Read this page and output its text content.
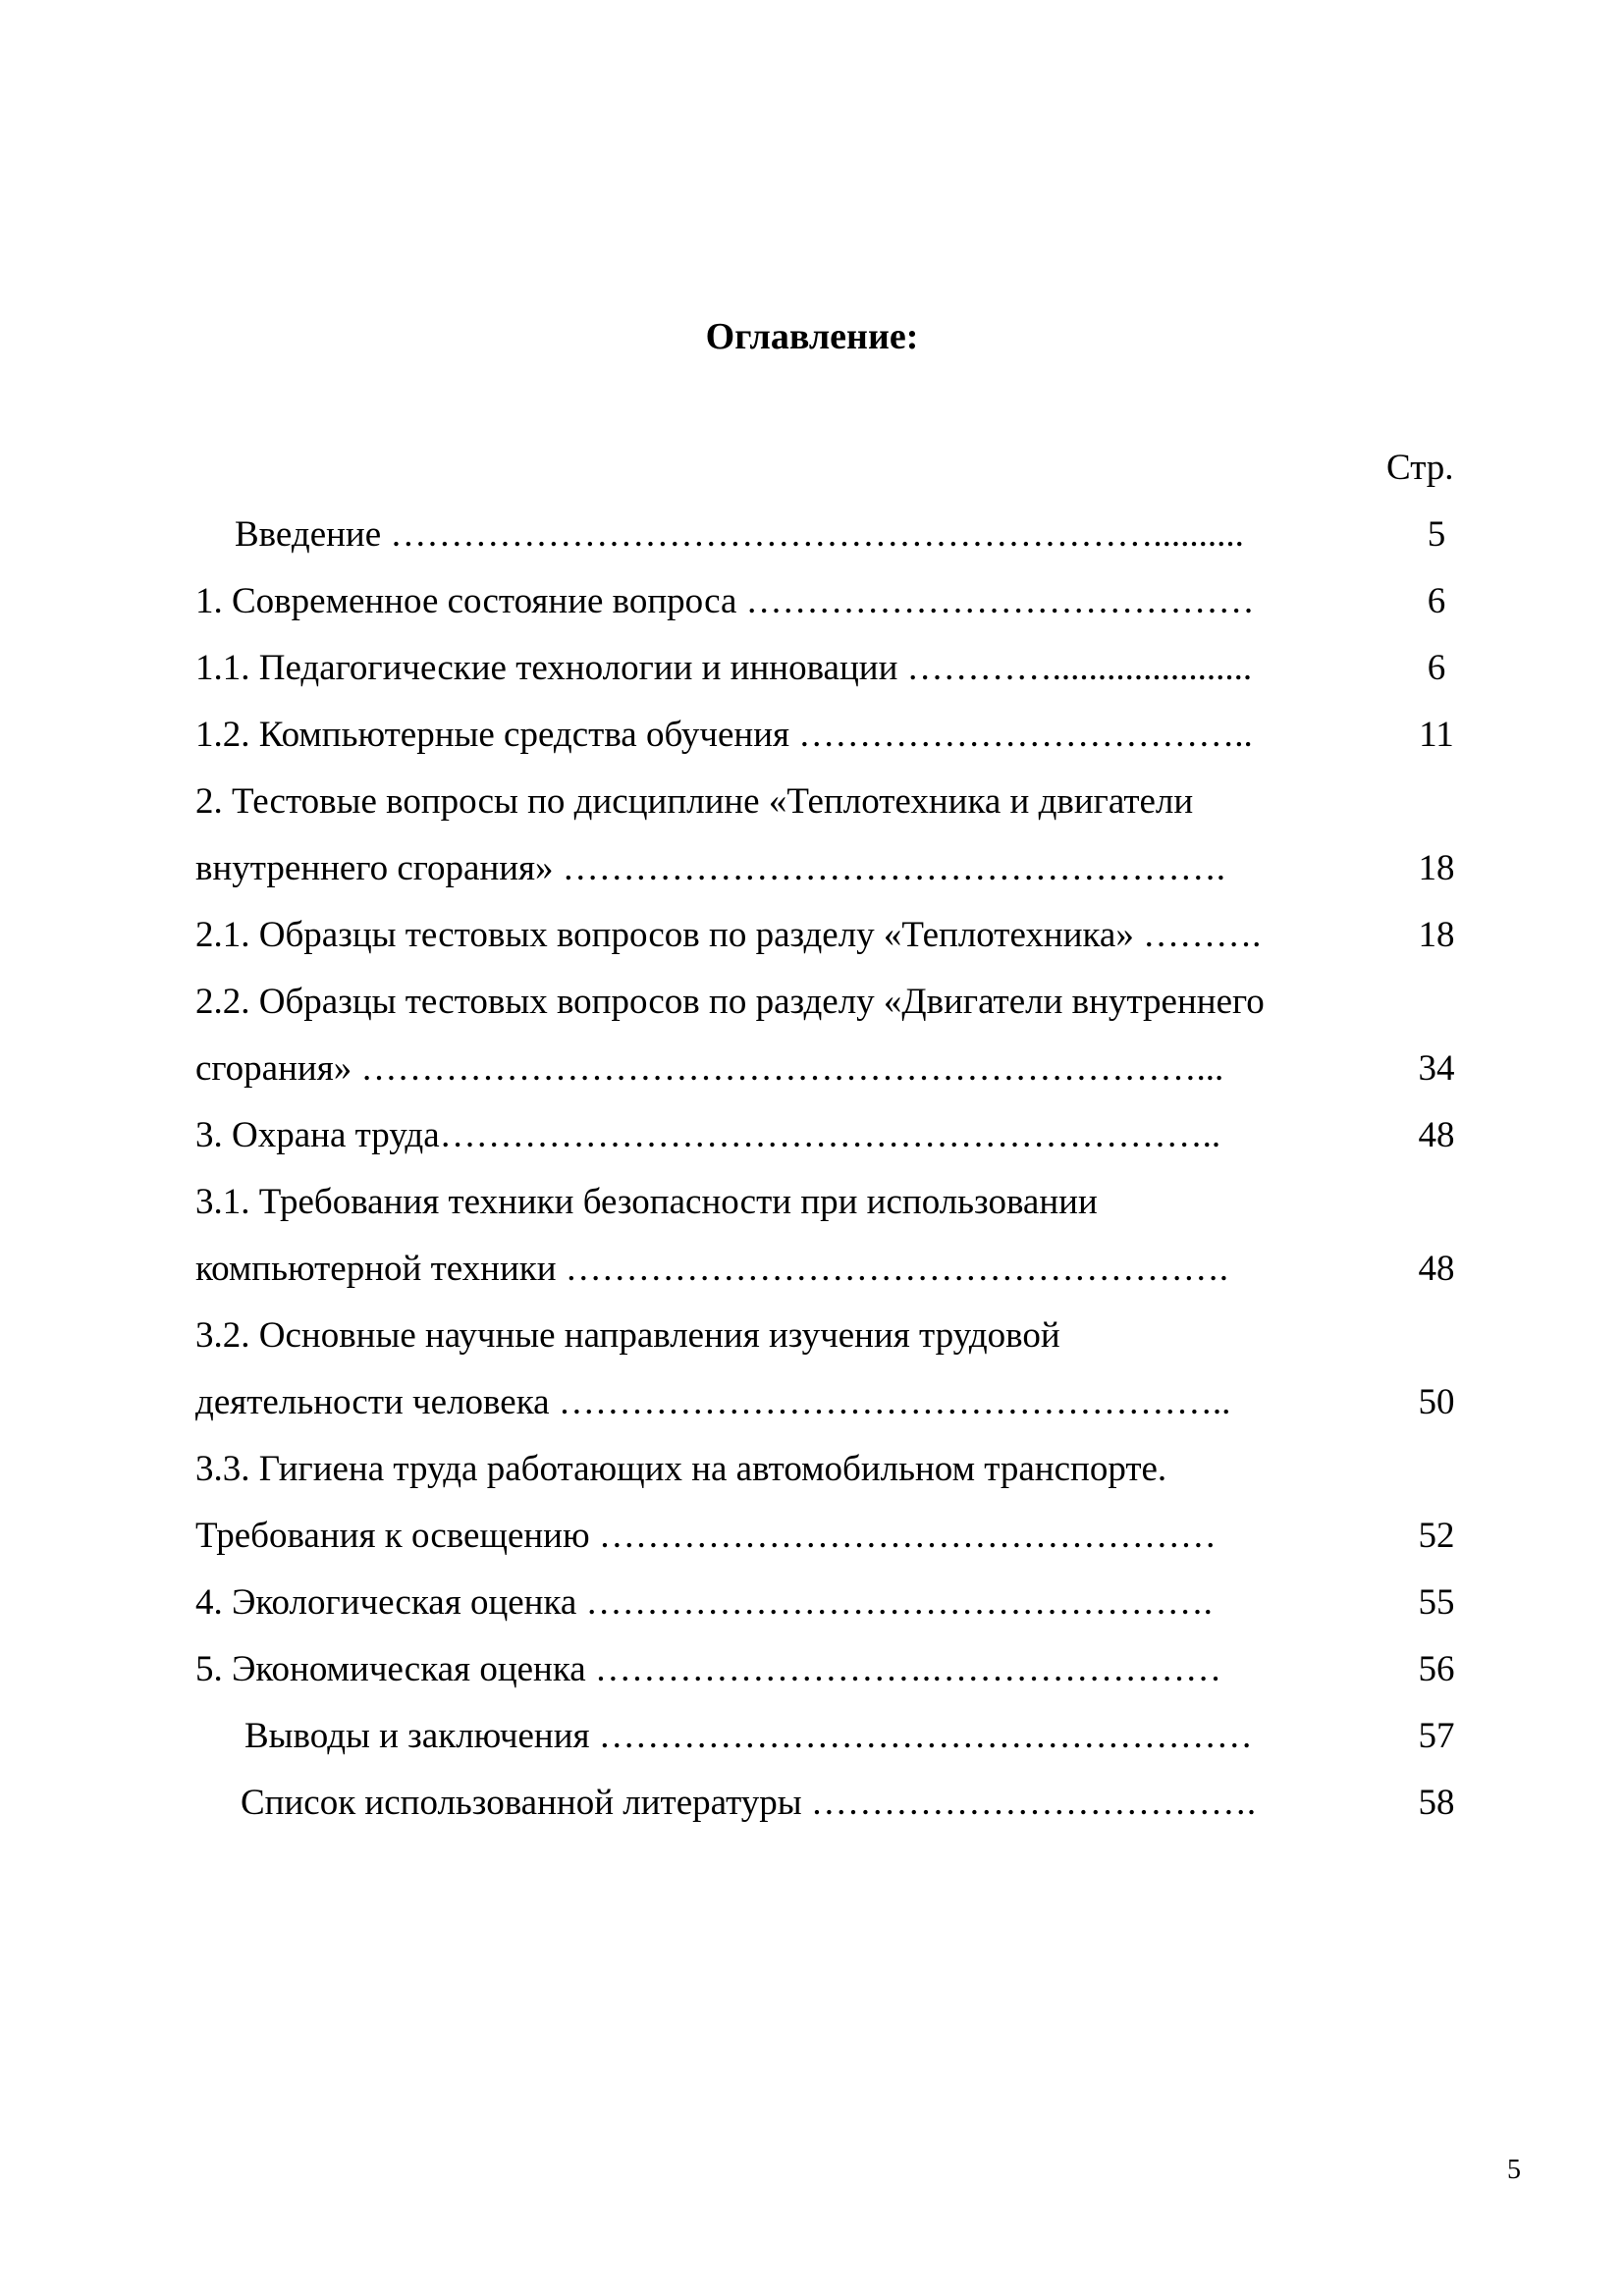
Оглавление:
Стр.
Введение ………………………………………………………..........	5
1. Современное состояние вопроса ……………………………………	6
1.1. Педагогические технологии и инновации …………......................	6
1.2. Компьютерные средства обучения ………………………………..	11
2. Тестовые вопросы по дисциплине «Теплотехника и двигатели
внутреннего сгорания» ……………………………………………….	18
2.1. Образцы тестовых вопросов по разделу «Теплотехника» ……….	18
2.2. Образцы тестовых вопросов по разделу «Двигатели внутреннего
сгорания» ……………………………………………………………...	34
3. Охрана труда………………………………………………………..	48
3.1. Требования техники безопасности при использовании
компьютерной техники ……………………………………………….	48
3.2. Основные научные направления изучения трудовой
деятельности человека ………………………………………………..	50
3.3. Гигиена труда работающих на автомобильном транспорте.
Требования к освещению ……………………………………………	52
4. Экологическая оценка …………………………………………….	55
5. Экономическая оценка ……………………….……………………	56
Выводы и заключения ………………………………………………	57
Список использованной литературы ……………………………….	58
5
